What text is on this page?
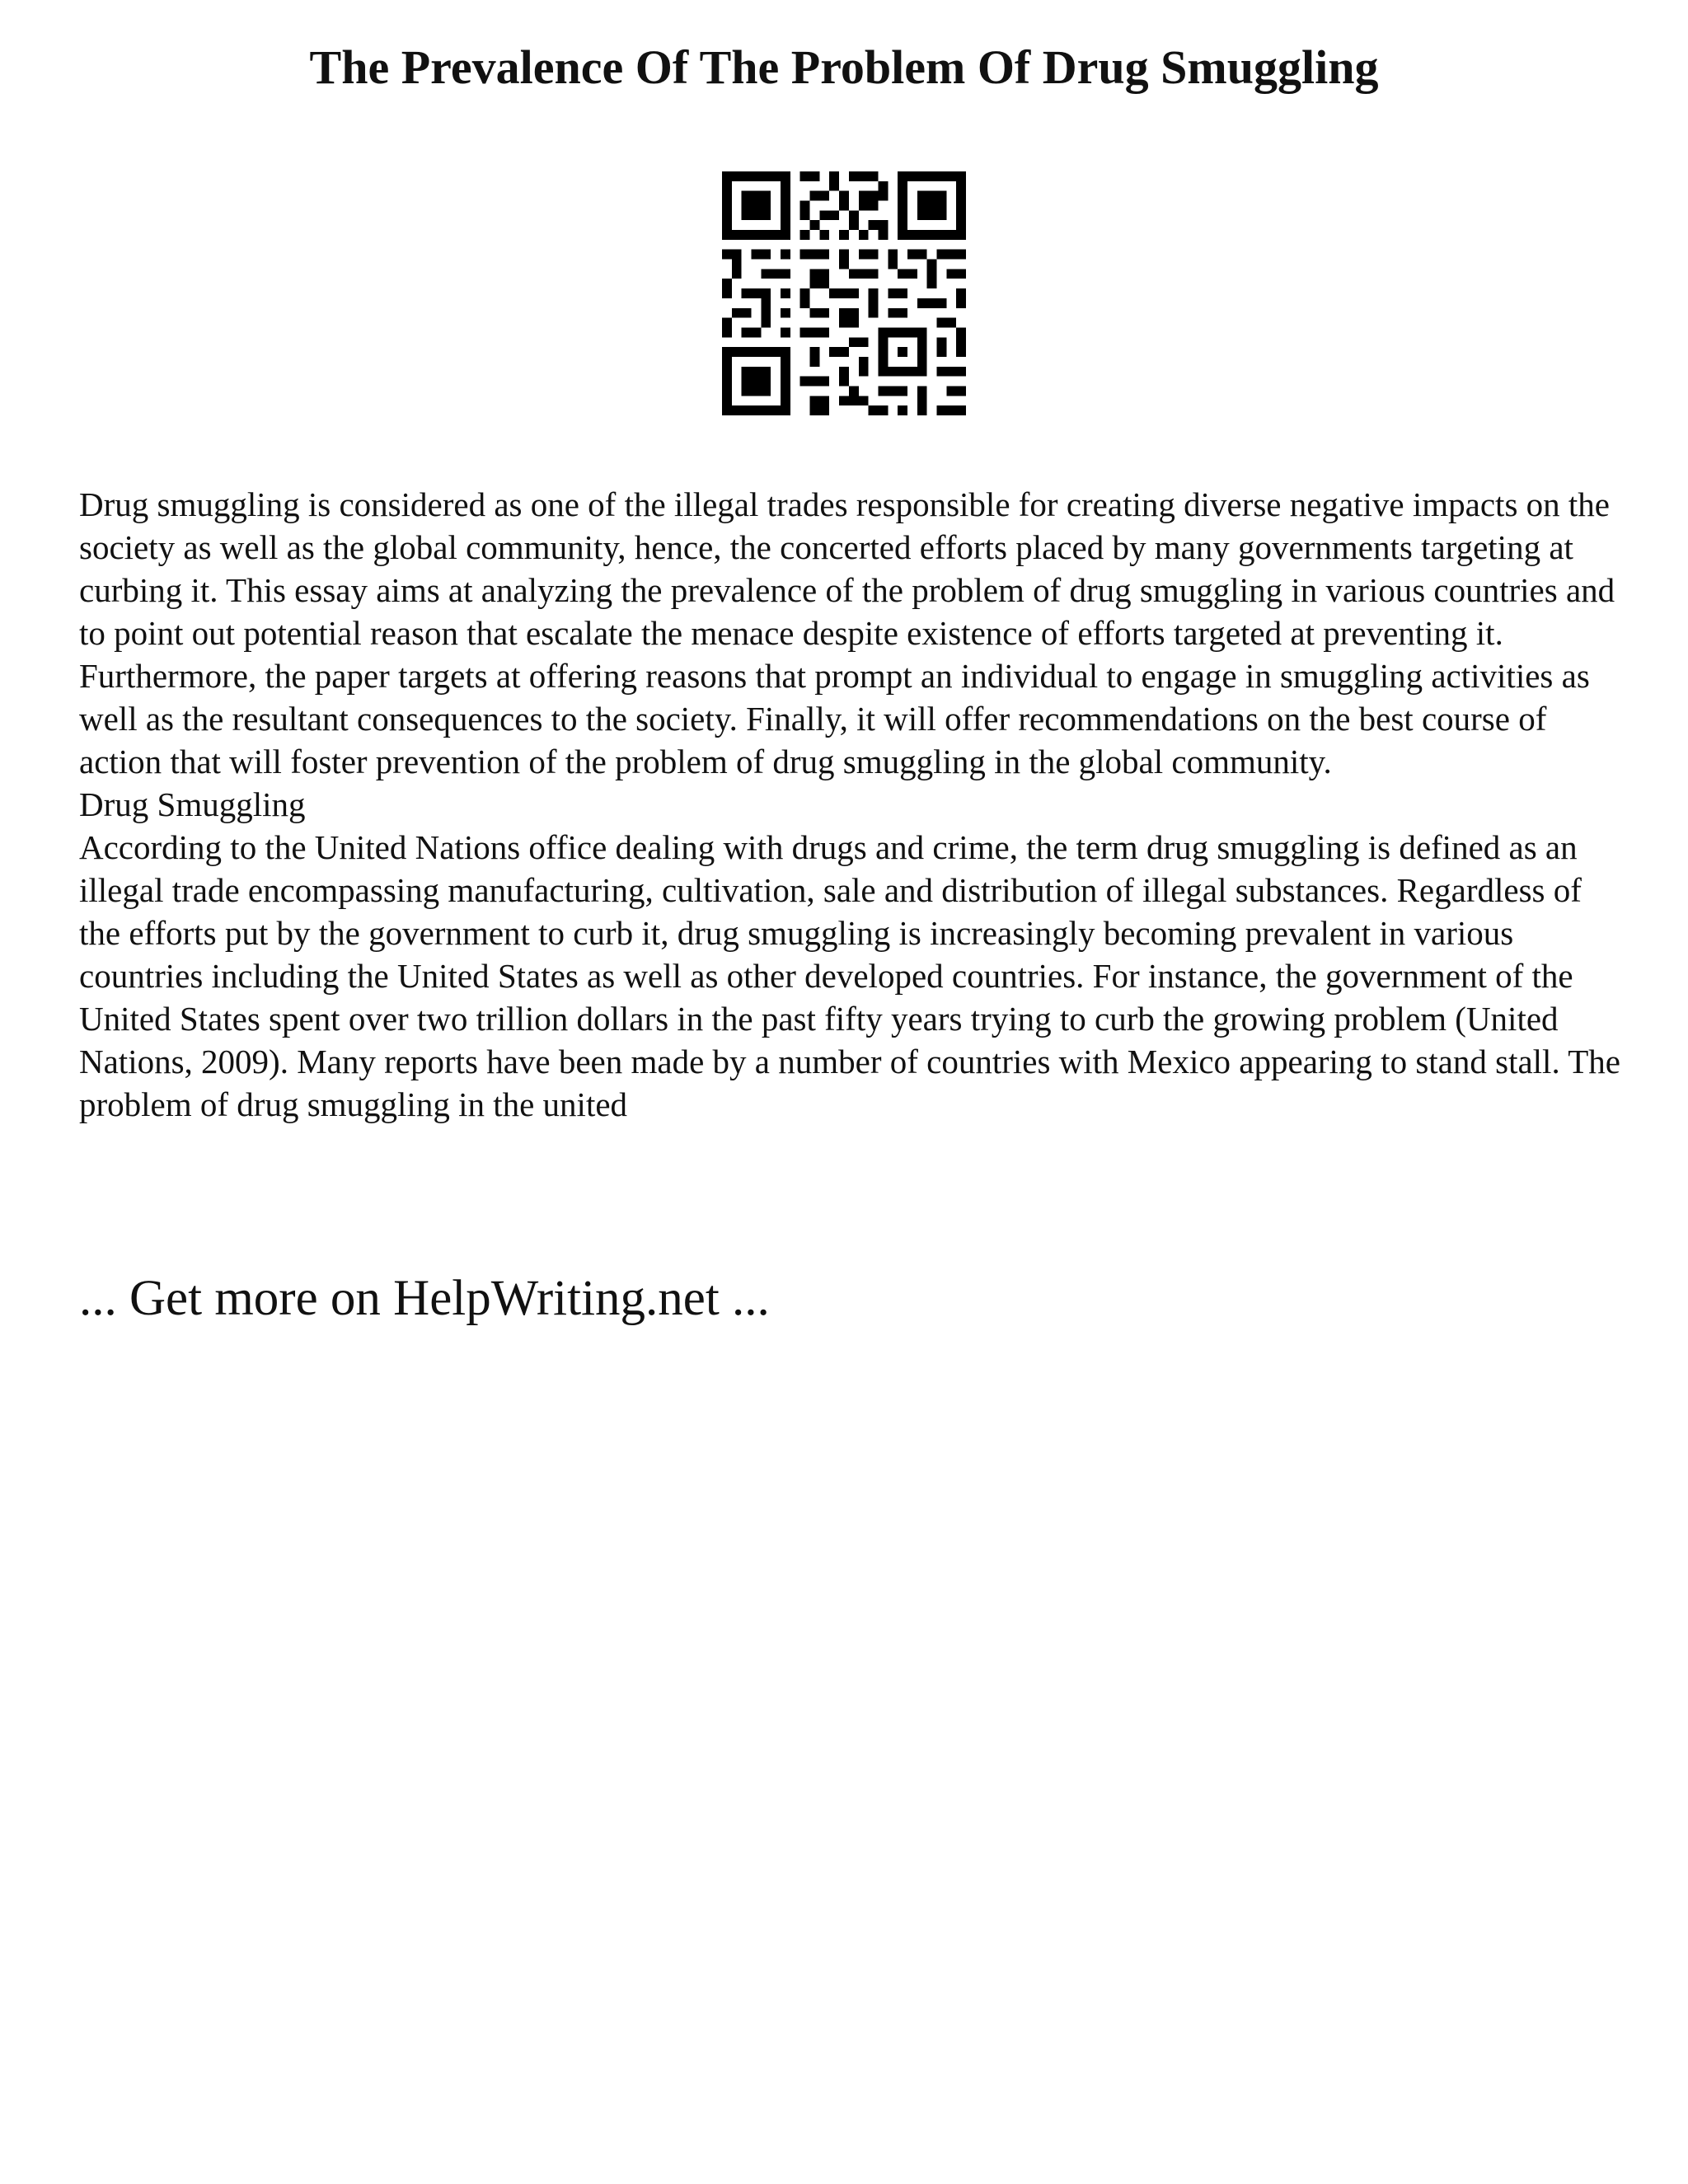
The Prevalence Of The Problem Of Drug Smuggling

Drug smuggling is considered as one of the illegal trades responsible for creating diverse negative impacts on the society as well as the global community, hence, the concerted efforts placed by many governments targeting at curbing it. This essay aims at analyzing the prevalence of the problem of drug smuggling in various countries and to point out potential reason that escalate the menace despite existence of efforts targeted at preventing it. Furthermore, the paper targets at offering reasons that prompt an individual to engage in smuggling activities as well as the resultant consequences to the society. Finally, it will offer recommendations on the best course of action that will foster prevention of the problem of drug smuggling in the global community.

Drug Smuggling

According to the United Nations office dealing with drugs and crime, the term drug smuggling is defined as an illegal trade encompassing manufacturing, cultivation, sale and distribution of illegal substances. Regardless of the efforts put by the government to curb it, drug smuggling is increasingly becoming prevalent in various countries including the United States as well as other developed countries. For instance, the government of the United States spent over two trillion dollars in the past fifty years trying to curb the growing problem (United Nations, 2009). Many reports have been made by a number of countries with Mexico appearing to stand stall. The problem of drug smuggling in the united

... Get more on HelpWriting.net ...
